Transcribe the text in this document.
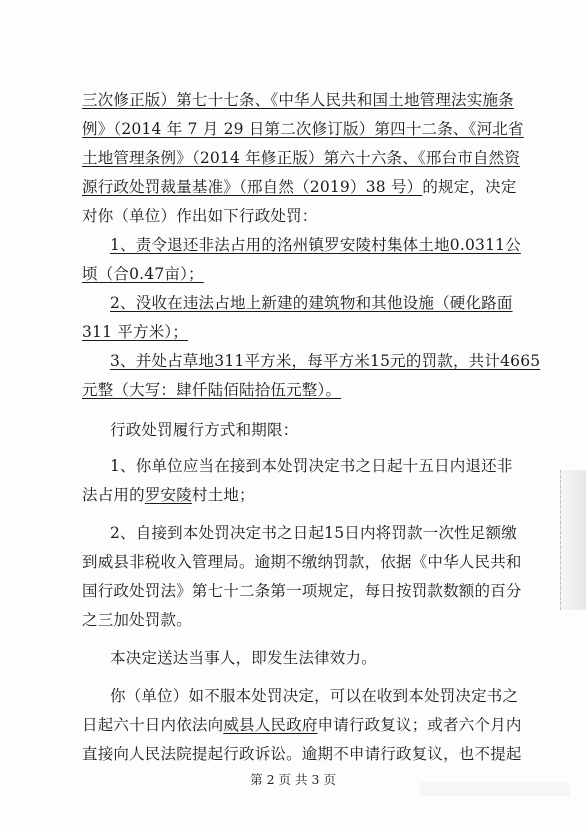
三次修正版）第七十七条、《中华人民共和国土地管理法实施条
例》（2014 年 7 月 29 日第二次修订版）第四十二条、《河北省
土地管理条例》（2014 年修正版）第六十六条、《邢台市自然资
源行政处罚裁量基准》（邢自然（2019）38 号）的规定，决定
对你（单位）作出如下行政处罚：
1、责令退还非法占用的洺州镇罗安陵村集体土地0.0311公
顷（合0.47亩）；
2、没收在违法占地上新建的建筑物和其他设施（硬化路面
311 平方米）；
3、并处占草地311平方米，每平方米15元的罚款，共计4665
元整（大写：肆仟陆佰陆拾伍元整）。
行政处罚履行方式和期限：
1、你单位应当在接到本处罚决定书之日起十五日内退还非
法占用的罗安陵村土地；
2、自接到本处罚决定书之日起15日内将罚款一次性足额缴
到威县非税收入管理局。逾期不缴纳罚款，依据《中华人民共和
国行政处罚法》第七十二条第一项规定，每日按罚款数额的百分
之三加处罚款。
本决定送达当事人，即发生法律效力。
你（单位）如不服本处罚决定，可以在收到本处罚决定书之
日起六十日内依法向威县人民政府申请行政复议；或者六个月内
第 2 页 共 3 页
直接向人民法院提起行政诉讼。逾期不申请行政复议，也不提起
